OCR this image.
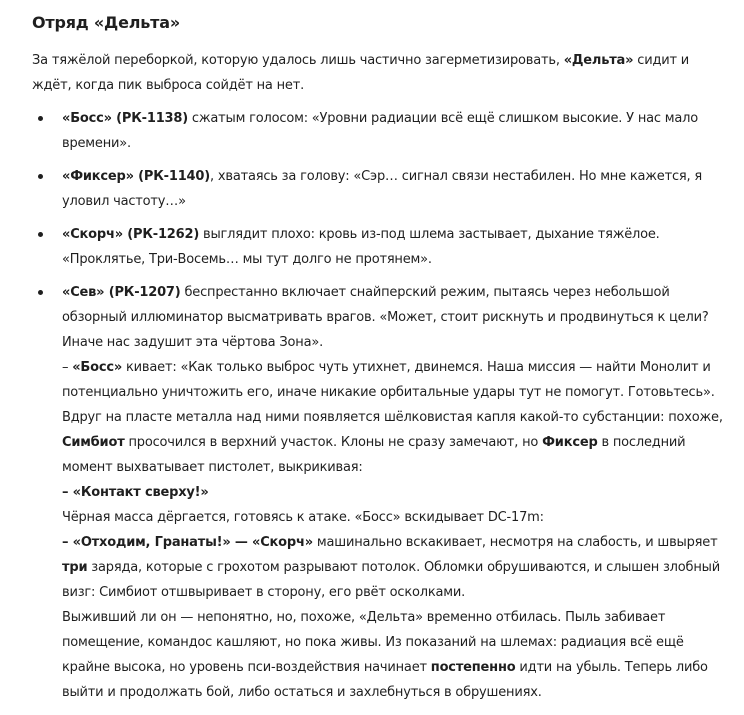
Отряд «Дельта»

За тяжёлой переборкой, которую удалось лишь частично загерметизировать, «Дельта» сидит и ждёт, когда пик выброса сойдёт на нет.

«Босс» (РК-1138) сжатым голосом: «Уровни радиации всё ещё слишком высокие. У нас мало времени».
«Фиксер» (РК-1140), хватаясь за голову: «Сэр… сигнал связи нестабилен. Но мне кажется, я уловил частоту…»
«Скорч» (РК-1262) выглядит плохо: кровь из-под шлема застывает, дыхание тяжёлое. «Проклятье, Три-Восемь… мы тут долго не протянем».
«Сев» (РК-1207) беспрестанно включает снайперский режим, пытаясь через небольшой обзорный иллюминатор высматривать врагов. «Может, стоит рискнуть и продвинуться к цели? Иначе нас задушит эта чёртова Зона».
– «Босс» кивает: «Как только выброс чуть утихнет, двинемся. Наша миссия — найти Монолит и потенциально уничтожить его, иначе никакие орбитальные удары тут не помогут. Готовьтесь».
Вдруг на пласте металла над ними появляется шёлковистая капля какой-то субстанции: похоже, Симбиот просочился в верхний участок. Клоны не сразу замечают, но Фиксер в последний момент выхватывает пистолет, выкрикивая:
– «Контакт сверху!»
Чёрная масса дёргается, готовясь к атаке. «Босс» вскидывает DC-17m:
– «Отходим, Гранаты!» — «Скорч» машинально вскакивает, несмотря на слабость, и швыряет три заряда, которые с грохотом разрывают потолок. Обломки обрушиваются, и слышен злобный визг: Симбиот отшвыривает в сторону, его рвёт осколками.
Выживший ли он — непонятно, но, похоже, «Дельта» временно отбилась. Пыль забивает помещение, командос кашляют, но пока живы. Из показаний на шлемах: радиация всё ещё крайне высока, но уровень пси-воздействия начинает постепенно идти на убыль. Теперь либо выйти и продолжать бой, либо остаться и захлебнуться в обрушениях.
